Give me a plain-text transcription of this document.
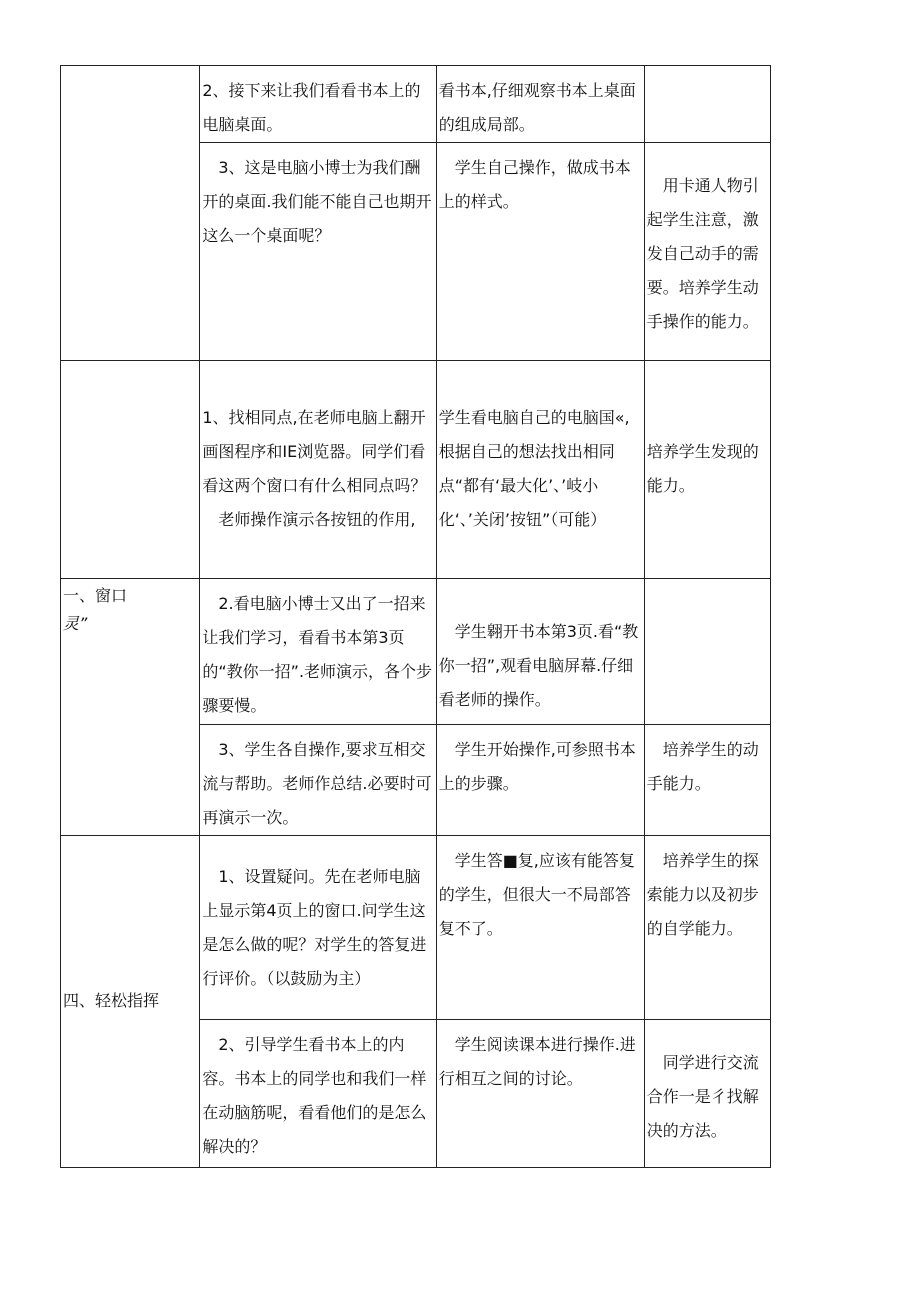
	2、接下来让我们看看书本上的电脑桌面。	看书本,仔细观察书本上桌面的组成局部。	
	3、这是电脑小博士为我们酬开的桌面.我们能不能自己也期开这么一个桌面呢？	学生自己操作，做成书本上的样式。	用卡通人物引起学生注意，激发自己动手的需要。培养学生动手操作的能力。

	1、找相同点,在老师电脑上翻开画图程序和IE浏览器。同学们看看这两个窗口有什么相同点吗？
老师操作演示各按钮的作用,	学生看电脑自己的电脑国«,根据自己的想法找出相同点“都有‘最大化’、’岐小化‘、’关闭’按钮”（可能）	培养学生发现的能力。

一、窗口
灵”	2.看电脑小博士又出了一招来让我们学习，看看书本第3页的“教你一招”.老师演示，各个步骤要慢。	学生翱开书本第3页.看“教你一招”,观看电脑屏幕.仔细看老师的操作。	
	3、学生各自操作,要求互相交流与帮助。老师作总结.必要时可再演示一次。	学生开始操作,可参照书本上的步骤。	培养学生的动手能力。
四、轻松指挥	1、设置疑问。先在老师电脑上显示第4页上的窗口.问学生这是怎么做的呢？对学生的答复进行评价。（以鼓励为主）	学生答■复,应该有能答复的学生，但很大一不局部答复不了。	培养学生的探索能力以及初步的自学能力。
	2、引导学生看书本上的内容。书本上的同学也和我们一样在动脑筋呢，看看他们的是怎么解决的？	学生阅读课本进行操作.进行相互之间的讨论。	同学进行交流合作一是彳找解决的方法。
